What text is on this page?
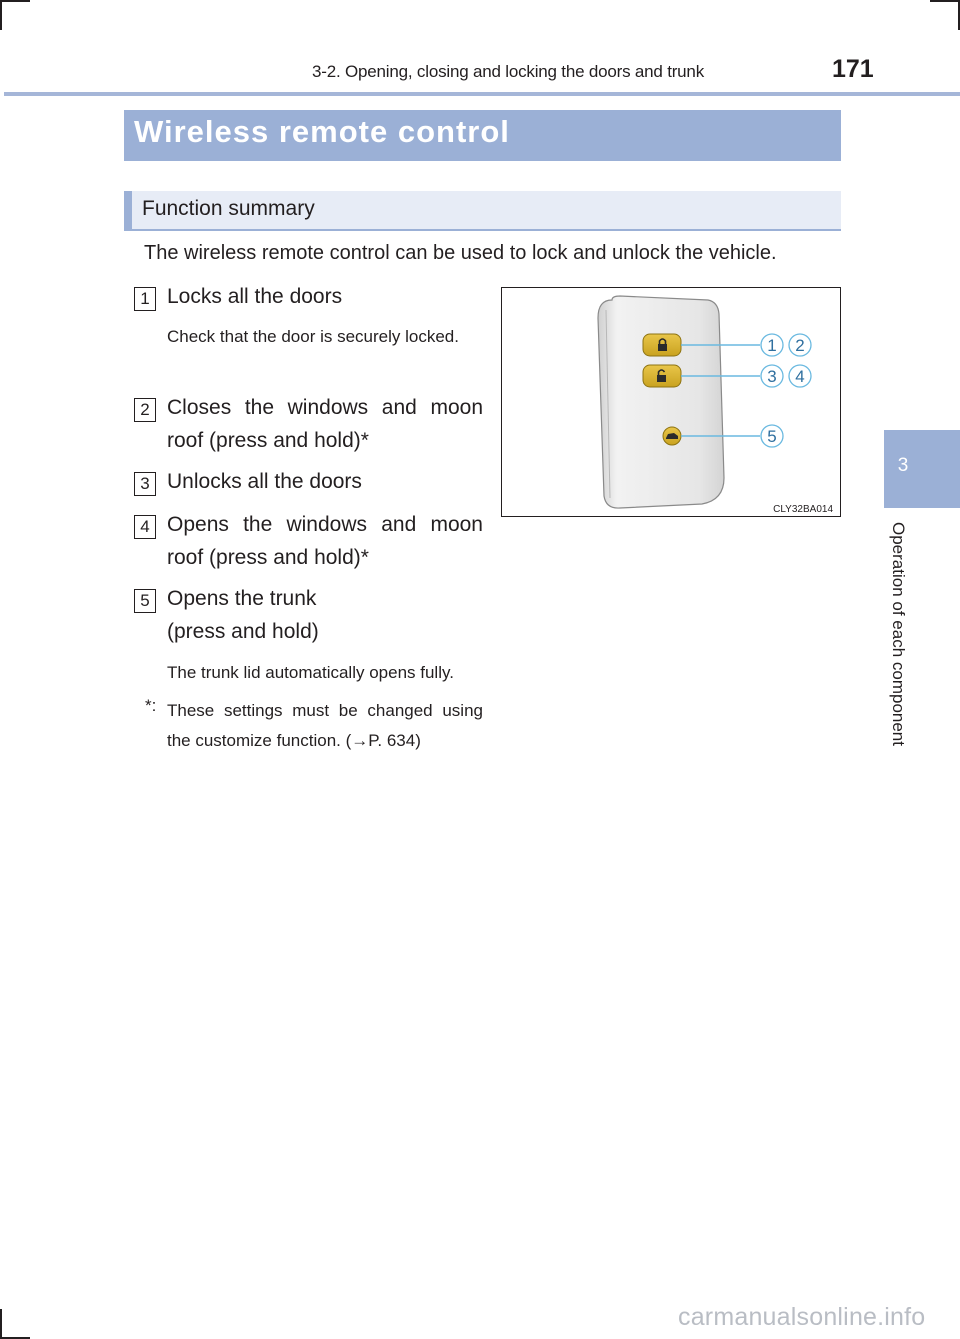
3-2. Opening, closing and locking the doors and trunk	171
Wireless remote control
Function summary
The wireless remote control can be used to lock and unlock the vehicle.
1 Locks all the doors
Check that the door is securely locked.
2 Closes the windows and moon roof (press and hold)*
3 Unlocks all the doors
4 Opens the windows and moon roof (press and hold)*
5 Opens the trunk
(press and hold)
The trunk lid automatically opens fully.
*: These settings must be changed using the customize function. (→P. 634)
1 2
3 4
5
CLY32BA014
3
Operation of each component
carmanualsonline.info
